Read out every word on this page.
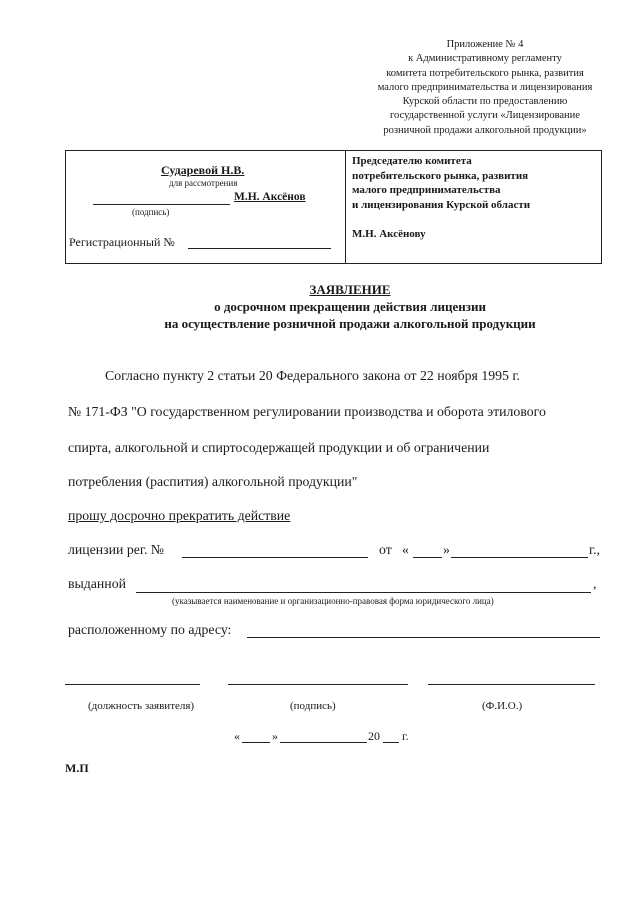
Приложение № 4
к Административному регламенту
комитета потребительского рынка, развития
малого предпринимательства и лицензирования
Курской области по предоставлению
государственной услуги «Лицензирование
розничной продажи алкогольной продукции»
Сударевой Н.В.
для рассмотрения
М.Н. Аксёнов
(подпись)
Регистрационный №
Председателю комитета
потребительского рынка, развития
малого предпринимательства
и лицензирования Курской области
М.Н. Аксёнову
ЗАЯВЛЕНИЕ
о досрочном прекращении действия лицензии
на осуществление розничной продажи алкогольной продукции
Согласно пункту 2 статьи 20 Федерального закона от 22 ноября 1995 г.
№ 171-ФЗ "О государственном регулировании производства и оборота этилового
спирта, алкогольной и спиртосодержащей продукции и об ограничении
потребления (распития) алкогольной продукции"
прошу досрочно прекратить действие
лицензии рег. №	от « »	г.,
выданной	,
(указывается наименование и организационно-правовая форма юридического лица)
расположенному по адресу:
(должность заявителя)	(подпись)	(Ф.И.О.)
«	»	20 г.
М.П
